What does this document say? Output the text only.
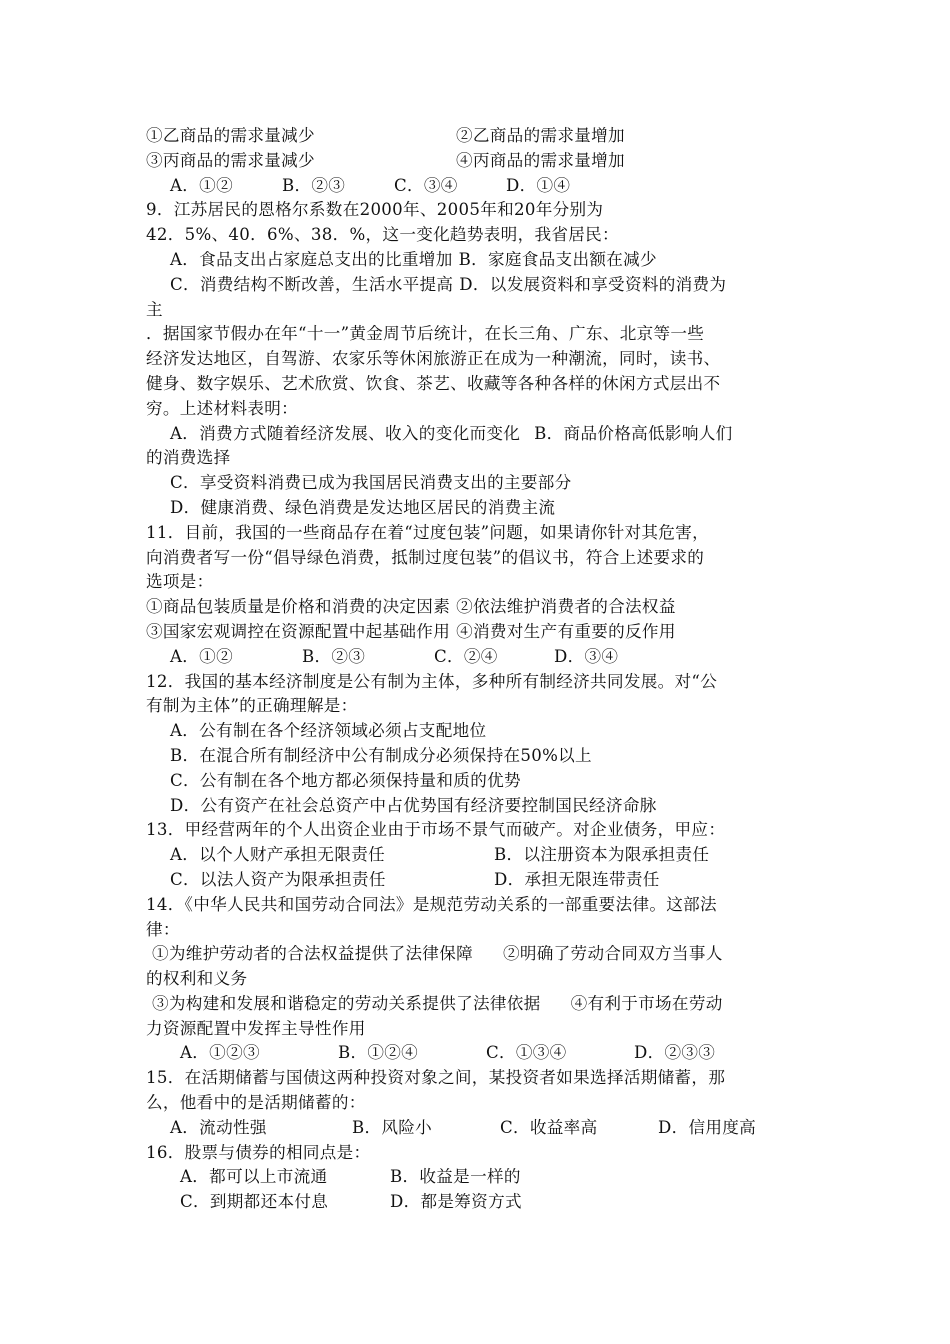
①乙商品的需求量减少	②乙商品的需求量增加
③丙商品的需求量减少	④丙商品的需求量增加
A．①②	B．②③	C．③④	D．①④
9．江苏居民的恩格尔系数在2000年、2005年和20年分别为
42．5%、40．6%、38．%，这一变化趋势表明，我省居民：
A．食品支出占家庭总支出的比重增加 B．家庭食品支出额在减少
C．消费结构不断改善，生活水平提高 D．以发展资料和享受资料的消费为
主
．据国家节假办在年“十一”黄金周节后统计，在长三角、广东、北京等一些
经济发达地区，自驾游、农家乐等休闲旅游正在成为一种潮流，同时，读书、
健身、数字娱乐、艺术欣赏、饮食、茶艺、收藏等各种各样的休闲方式层出不
穷。上述材料表明：
A．消费方式随着经济发展、收入的变化而变化 B．商品价格高低影响人们
的消费选择
C．享受资料消费已成为我国居民消费支出的主要部分
D．健康消费、绿色消费是发达地区居民的消费主流
11．目前，我国的一些商品存在着“过度包装”问题，如果请你针对其危害，
向消费者写一份“倡导绿色消费，抵制过度包装”的倡议书，符合上述要求的
选项是：
①商品包装质量是价格和消费的决定因素 ②依法维护消费者的合法权益
③国家宏观调控在资源配置中起基础作用 ④消费对生产有重要的反作用
A．①②	B．②③	C．②④	D．③④
12．我国的基本经济制度是公有制为主体，多种所有制经济共同发展。对“公
有制为主体”的正确理解是：
A．公有制在各个经济领域必须占支配地位
B．在混合所有制经济中公有制成分必须保持在50%以上
C．公有制在各个地方都必须保持量和质的优势
D．公有资产在社会总资产中占优势国有经济要控制国民经济命脉
13．甲经营两年的个人出资企业由于市场不景气而破产。对企业债务，甲应：
A．以个人财产承担无限责任	B．以注册资本为限承担责任
C．以法人资产为限承担责任	D．承担无限连带责任
14．《中华人民共和国劳动合同法》是规范劳动关系的一部重要法律。这部法
律：
①为维护劳动者的合法权益提供了法律保障 ②明确了劳动合同双方当事人
的权利和义务
③为构建和发展和谐稳定的劳动关系提供了法律依据 ④有利于市场在劳动
力资源配置中发挥主导性作用
A．①②③	B．①②④	C．①③④	D．②③③
15．在活期储蓄与国债这两种投资对象之间，某投资者如果选择活期储蓄，那
么，他看中的是活期储蓄的：
A．流动性强	B．风险小	C．收益率高	D．信用度高
16．股票与债券的相同点是：
A．都可以上市流通	B．收益是一样的
C．到期都还本付息	D．都是筹资方式
